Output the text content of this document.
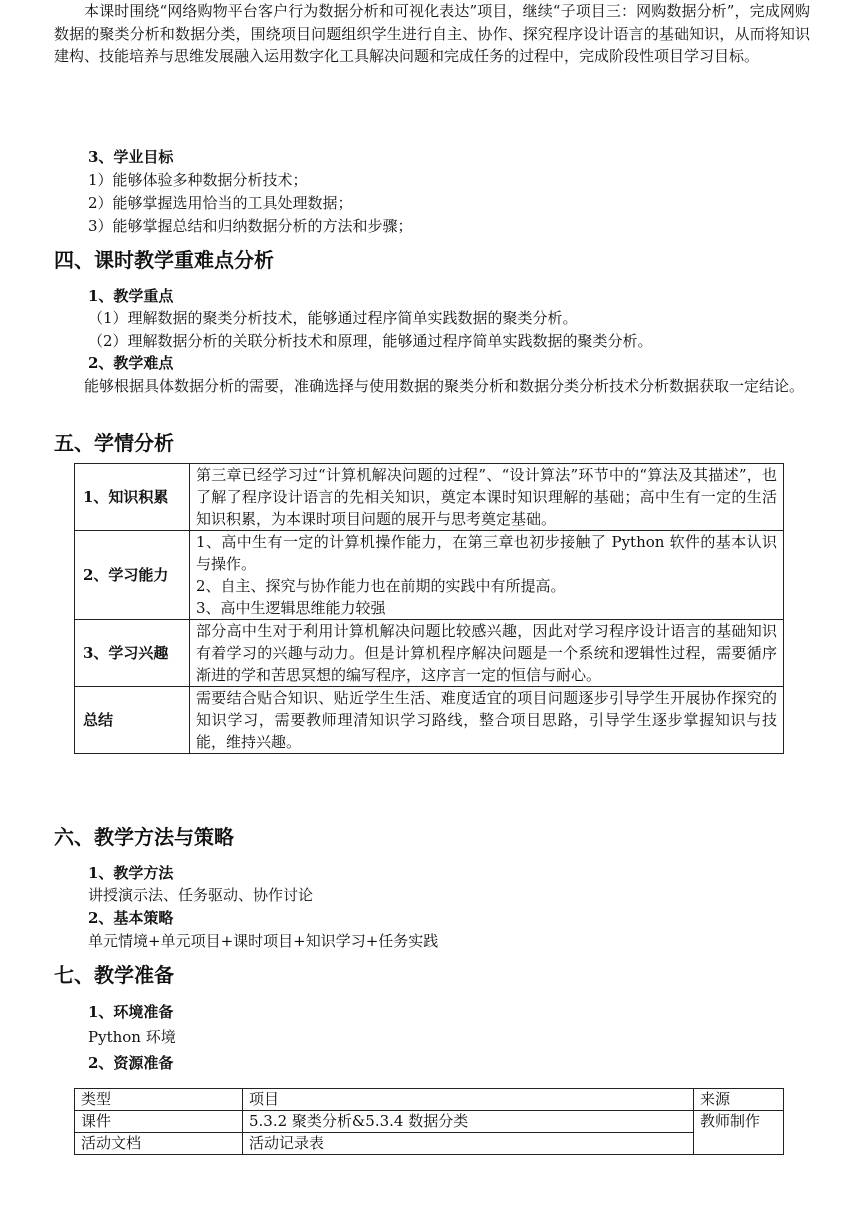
本课时围绕“网络购物平台客户行为数据分析和可视化表达”项目，继续“子项目三：网购数据分析”，完成网购数据的聚类分析和数据分类，围绕项目问题组织学生进行自主、协作、探究程序设计语言的基础知识，从而将知识建构、技能培养与思维发展融入运用数字化工具解决问题和完成任务的过程中，完成阶段性项目学习目标。

3、学业目标

1）能够体验多种数据分析技术；

2）能够掌握选用恰当的工具处理数据；

3）能够掌握总结和归纳数据分析的方法和步骤；

四、课时教学重难点分析

1、教学重点

（1）理解数据的聚类分析技术，能够通过程序简单实践数据的聚类分析。

（2）理解数据分析的关联分析技术和原理，能够通过程序简单实践数据的聚类分析。

2、教学难点

能够根据具体数据分析的需要，准确选择与使用数据的聚类分析和数据分类分析技术分析数据获取一定结论。

五、学情分析
1、知识积累	第三章已经学习过“计算机解决问题的过程”、“设计算法”环节中的“算法及其描述”，也了解了程序设计语言的先相关知识，奠定本课时知识理解的基础；高中生有一定的生活知识积累，为本课时项目问题的展开与思考奠定基础。
2、学习能力	1、高中生有一定的计算机操作能力，在第三章也初步接触了 Python 软件的基本认识与操作。
2、自主、探究与协作能力也在前期的实践中有所提高。
3、高中生逻辑思维能力较强

3、学习兴趣	部分高中生对于利用计算机解决问题比较感兴趣，因此对学习程序设计语言的基础知识有着学习的兴趣与动力。但是计算机程序解决问题是一个系统和逻辑性过程，需要循序渐进的学和苦思冥想的编写程序，这序言一定的恒信与耐心。
总结	需要结合贴合知识、贴近学生生活、难度适宜的项目问题逐步引导学生开展协作探究的知识学习，需要教师理清知识学习路线，整合项目思路，引导学生逐步掌握知识与技能，维持兴趣。
六、教学方法与策略

1、教学方法

讲授演示法、任务驱动、协作讨论

2、基本策略

单元情境+单元项目+课时项目+知识学习+任务实践

七、教学准备

1、环境准备

Python 环境

2、资源准备

类型	项目	来源
课件	5.3.2 聚类分析&5.3.4 数据分类	教师制作
活动文档	活动记录表	
